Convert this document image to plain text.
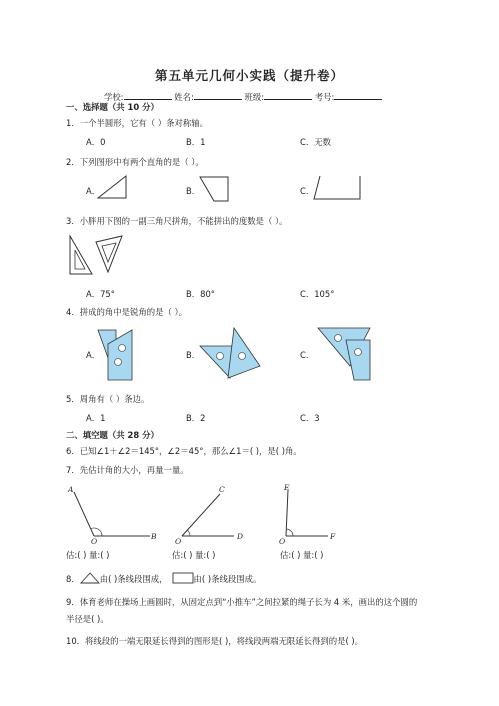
第五单元几何小实践（提升卷）
学校:	姓名:	班级:	考号:
一、选择题（共 10 分）
1．一个半圆形，它有（ ）条对称轴。
A．0	B．1	C．无数
2．下列图形中有两个直角的是（ ）。
A．	B．	C．
3．小胖用下图的一副三角尺拼角，不能拼出的度数是（ ）。
A．75°	B．80°	C．105°
4．拼成的角中是锐角的是（ ）。
A．	B．	C．
5．周角有（ ）条边。
A．1	B．2	C．3
二、填空题（共 28 分）
6．已知∠1＋∠2＝145°，∠2＝45°，那么∠1＝( )，是( )角。
7．先估计角的大小，再量一量。
A
O
B
C
O
D
E
O
F
估:( ) 量:( )	估:( ) 量:( )	估:( ) 量:( )
8． 由( )条线段围成，	由( )条线段围成。
9．体育老师在操场上画圆时，从固定点到“小推车”之间拉紧的绳子长为 4 米，画出的这个圆的
半径是( )。
10．将线段的一端无限延长得到的图形是( )，将线段两端无限延长得到的是( )。
